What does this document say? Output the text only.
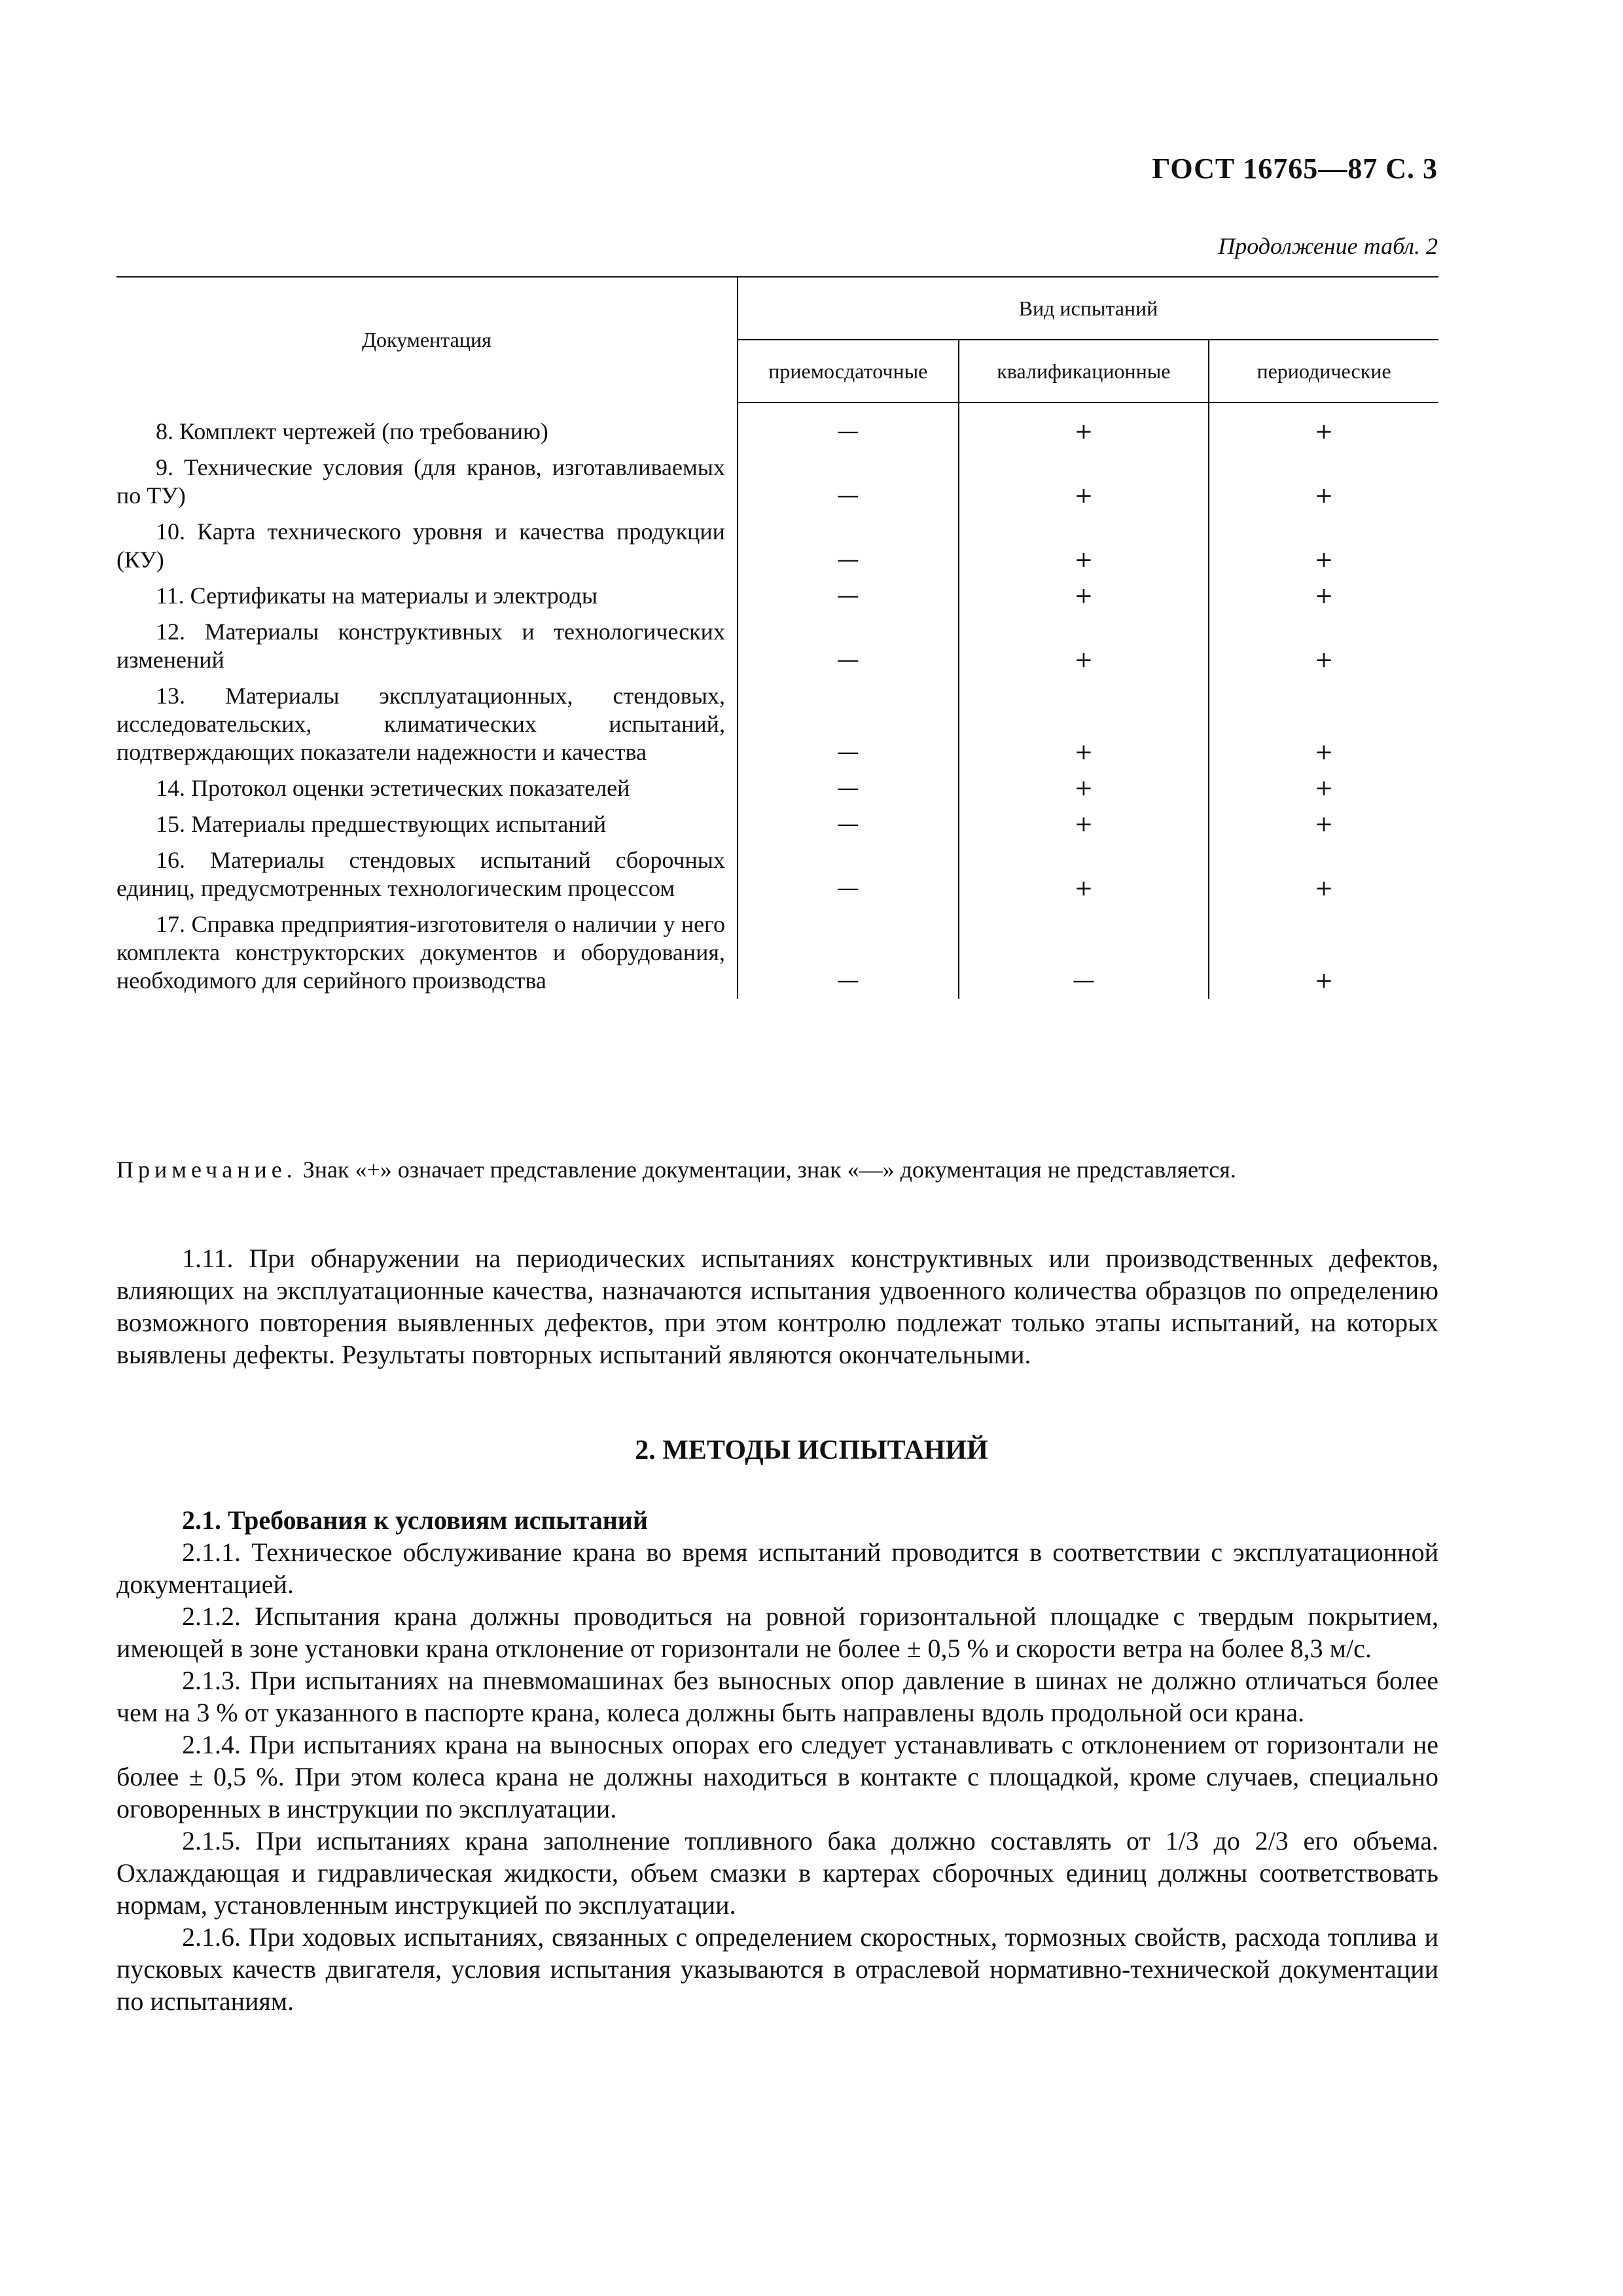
ГОСТ 16765—87 С. 3
Продолжение табл. 2
Документация	Вид испытаний		
	приемосдаточные	квалификационные	периодические
8. Комплект чертежей (по требованию)	—	+	+
9. Технические условия (для кранов, изготавливаемых по ТУ)	—	+	+
10. Карта технического уровня и качества продукции (КУ)	—	+	+
11. Сертификаты на материалы и электроды	—	+	+
12. Материалы конструктивных и технологических изменений	—	+	+
13. Материалы эксплуатационных, стендовых, исследовательских, климатических испытаний, подтверждающих показатели надежности и качества	—	+	+
14. Протокол оценки эстетических показателей	—	+	+
15. Материалы предшествующих испытаний	—	+	+
16. Материалы стендовых испытаний сборочных единиц, предусмотренных технологическим процессом	—	+	+
17. Справка предприятия-изготовителя о наличии у него комплекта конструкторских документов и оборудования, необходимого для серийного производства	—	—	+
Примечание. Знак «+» означает представление документации, знак «—» документация не представляется.

1.11. При обнаружении на периодических испытаниях конструктивных или производственных дефектов, влияющих на эксплуатационные качества, назначаются испытания удвоенного количества образцов по определению возможного повторения выявленных дефектов, при этом контролю подлежат только этапы испытаний, на которых выявлены дефекты. Результаты повторных испытаний являются окончательными.

2. МЕТОДЫ ИСПЫТАНИЙ

2.1. Требования к условиям испытаний

2.1.1. Техническое обслуживание крана во время испытаний проводится в соответствии с эксплуатационной документацией.

2.1.2. Испытания крана должны проводиться на ровной горизонтальной площадке с твердым покрытием, имеющей в зоне установки крана отклонение от горизонтали не более ± 0,5 % и скорости ветра на более 8,3 м/с.

2.1.3. При испытаниях на пневмомашинах без выносных опор давление в шинах не должно отличаться более чем на 3 % от указанного в паспорте крана, колеса должны быть направлены вдоль продольной оси крана.

2.1.4. При испытаниях крана на выносных опорах его следует устанавливать с отклонением от горизонтали не более ± 0,5 %. При этом колеса крана не должны находиться в контакте с площадкой, кроме случаев, специально оговоренных в инструкции по эксплуатации.

2.1.5. При испытаниях крана заполнение топливного бака должно составлять от 1/3 до 2/3 его объема. Охлаждающая и гидравлическая жидкости, объем смазки в картерах сборочных единиц должны соответствовать нормам, установленным инструкцией по эксплуатации.

2.1.6. При ходовых испытаниях, связанных с определением скоростных, тормозных свойств, расхода топлива и пусковых качеств двигателя, условия испытания указываются в отраслевой нормативно-технической документации по испытаниям.
